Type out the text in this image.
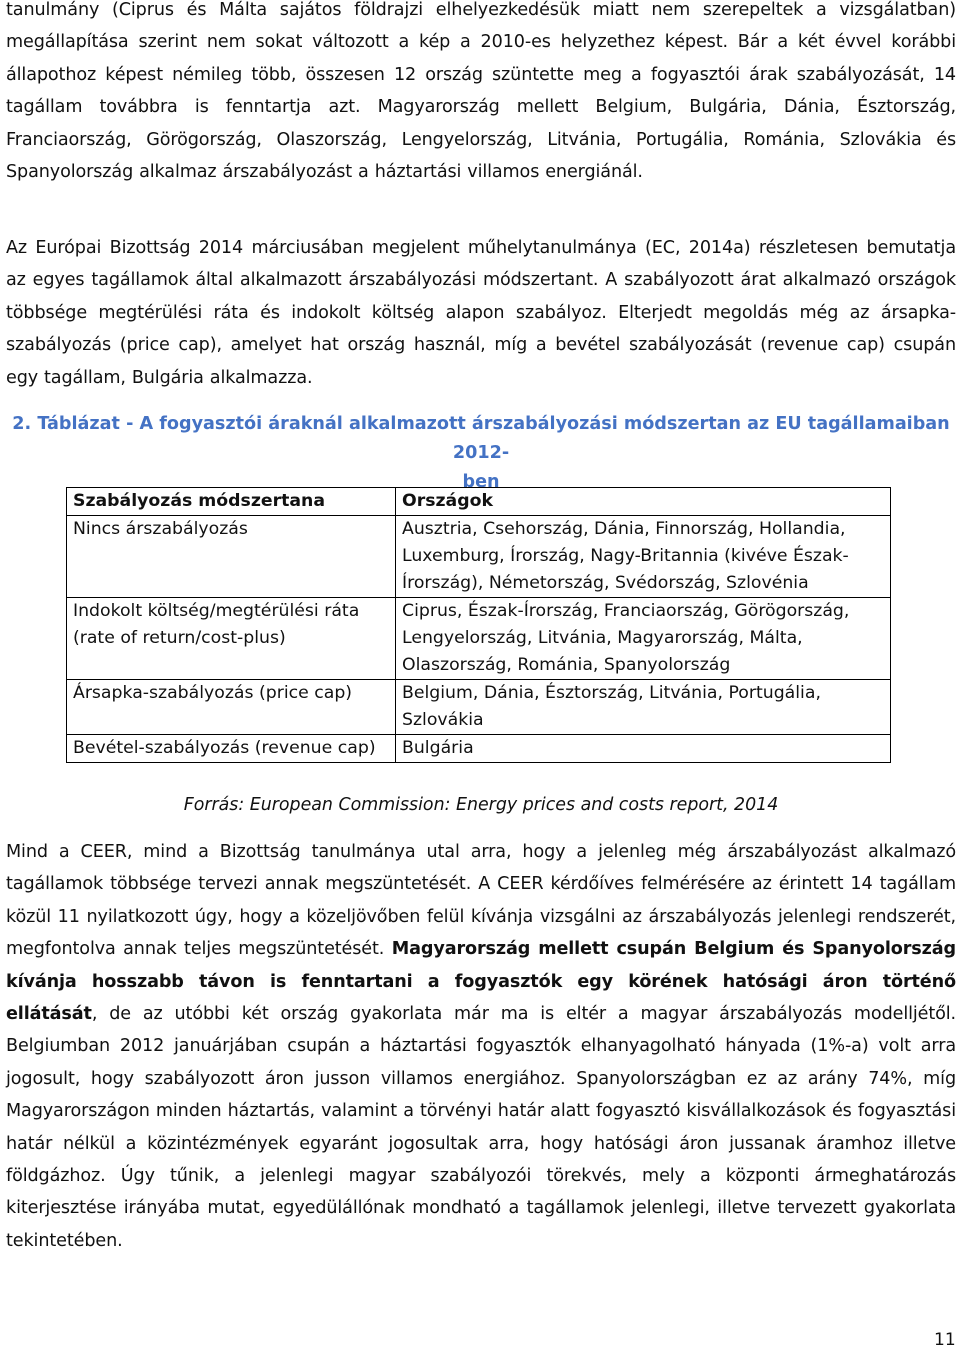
tanulmány (Ciprus és Málta sajátos földrajzi elhelyezkedésük miatt nem szerepeltek a vizsgálatban) megállapítása szerint nem sokat változott a kép a 2010-es helyzethez képest. Bár a két évvel korábbi állapothoz képest némileg több, összesen 12 ország szüntette meg a fogyasztói árak szabályozását, 14 tagállam továbbra is fenntartja azt. Magyarország mellett Belgium, Bulgária, Dánia, Észtország, Franciaország, Görögország, Olaszország, Lengyelország, Litvánia, Portugália, Románia, Szlovákia és Spanyolország alkalmaz árszabályozást a háztartási villamos energiánál.

Az Európai Bizottság 2014 márciusában megjelent műhelytanulmánya (EC, 2014a) részletesen bemutatja az egyes tagállamok által alkalmazott árszabályozási módszertant. A szabályozott árat alkalmazó országok többsége megtérülési ráta és indokolt költség alapon szabályoz. Elterjedt megoldás még az ársapka-szabályozás (price cap), amelyet hat ország használ, míg a bevétel szabályozását (revenue cap) csupán egy tagállam, Bulgária alkalmazza.

2. Táblázat - A fogyasztói áraknál alkalmazott árszabályozási módszertan az EU tagállamaiban 2012-
ben
Szabályozás módszertana	Országok
Nincs árszabályozás	Ausztria, Csehország, Dánia, Finnország, Hollandia, Luxemburg, Írország, Nagy-Britannia (kivéve Észak-Írország), Németország, Svédország, Szlovénia
Indokolt költség/megtérülési ráta (rate of return/cost-plus)	Ciprus, Észak-Írország, Franciaország, Görögország, Lengyelország, Litvánia, Magyarország, Málta, Olaszország, Románia, Spanyolország
Ársapka-szabályozás (price cap)	Belgium, Dánia, Észtország, Litvánia, Portugália, Szlovákia
Bevétel-szabályozás (revenue cap)	Bulgária
Forrás: European Commission: Energy prices and costs report, 2014

Mind a CEER, mind a Bizottság tanulmánya utal arra, hogy a jelenleg még árszabályozást alkalmazó tagállamok többsége tervezi annak megszüntetését. A CEER kérdőíves felmérésére az érintett 14 tagállam közül 11 nyilatkozott úgy, hogy a közeljövőben felül kívánja vizsgálni az árszabályozás jelenlegi rendszerét, megfontolva annak teljes megszüntetését. Magyarország mellett csupán Belgium és Spanyolország kívánja hosszabb távon is fenntartani a fogyasztók egy körének hatósági áron történő ellátását, de az utóbbi két ország gyakorlata már ma is eltér a magyar árszabályozás modelljétől. Belgiumban 2012 januárjában csupán a háztartási fogyasztók elhanyagolható hányada (1%-a) volt arra jogosult, hogy szabályozott áron jusson villamos energiához. Spanyolországban ez az arány 74%, míg Magyarországon minden háztartás, valamint a törvényi határ alatt fogyasztó kisvállalkozások és fogyasztási határ nélkül a közintézmények egyaránt jogosultak arra, hogy hatósági áron jussanak áramhoz illetve földgázhoz. Úgy tűnik, a jelenlegi magyar szabályozói törekvés, mely a központi ármeghatározás kiterjesztése irányába mutat, egyedülállónak mondható a tagállamok jelenlegi, illetve tervezett gyakorlata tekintetében.

11
